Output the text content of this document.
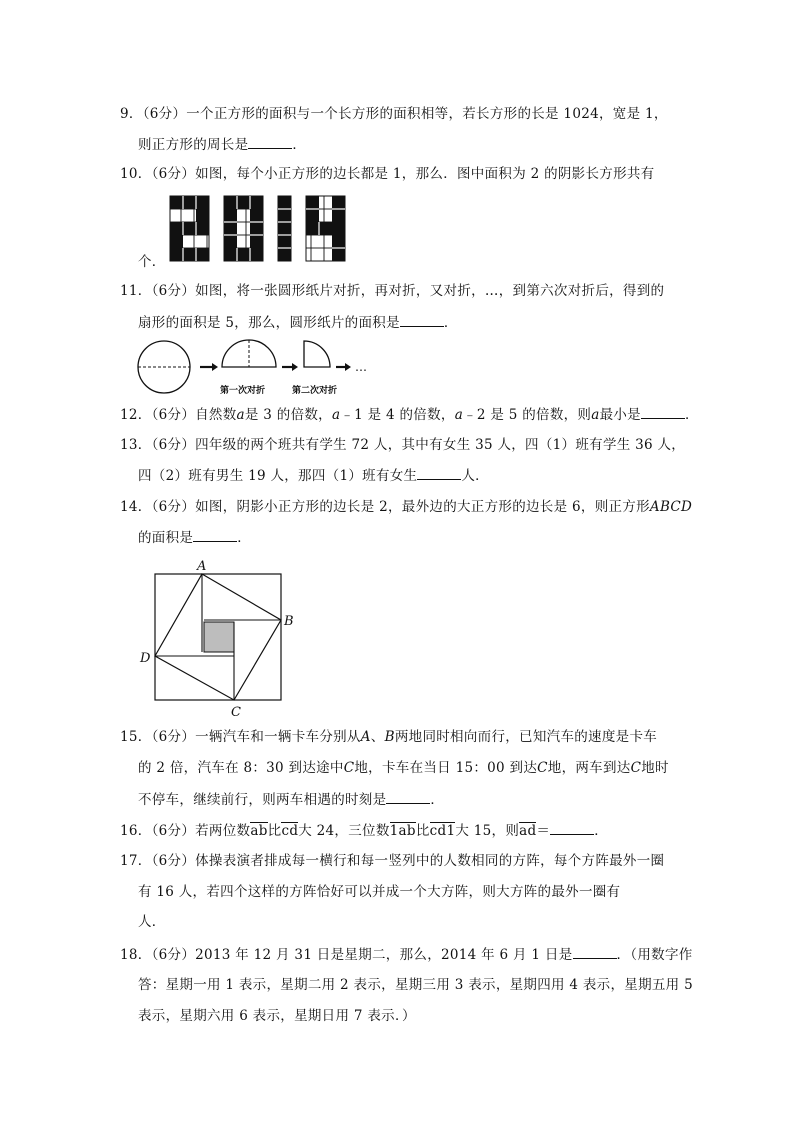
9．（6分）一个正方形的面积与一个长方形的面积相等，若长方形的长是 1024，宽是 1，
则正方形的周长是	．
10．（6分）如图，每个小正方形的边长都是 1，那么．图中面积为 2 的阴影长方形共有
个．
11．（6分）如图，将一张圆形纸片对折，再对折，又对折，…，到第六次对折后，得到的
扇形的面积是 5，那么，圆形纸片的面积是	．
…
第一次对折	第二次对折
12．（6分）自然数a是 3 的倍数，a﹣1 是 4 的倍数，a﹣2 是 5 的倍数，则a最小是	．
13．（6分）四年级的两个班共有学生 72 人，其中有女生 35 人，四（1）班有学生 36 人，
四（2）班有男生 19 人，那四（1）班有女生	人．
14．（6分）如图，阴影小正方形的边长是 2，最外边的大正方形的边长是 6，则正方形ABCD
的面积是	．
A
B
C
D
15．（6分）一辆汽车和一辆卡车分别从A、B两地同时相向而行，已知汽车的速度是卡车
的 2 倍，汽车在 8：30 到达途中C地，卡车在当日 15：00 到达C地，两车到达C地时
不停车，继续前行，则两车相遇的时刻是	．
16．（6分）若两位数ab比cd大 24，三位数1ab比cd1大 15，则ad＝	．
17．（6分）体操表演者排成每一横行和每一竖列中的人数相同的方阵，每个方阵最外一圈
有 16 人，若四个这样的方阵恰好可以并成一个大方阵，则大方阵的最外一圈有
人．
18．（6分）2013 年 12 月 31 日是星期二，那么，2014 年 6 月 1 日是	．（用数字作
答：星期一用 1 表示，星期二用 2 表示，星期三用 3 表示，星期四用 4 表示，星期五用 5
表示，星期六用 6 表示，星期日用 7 表示．）
